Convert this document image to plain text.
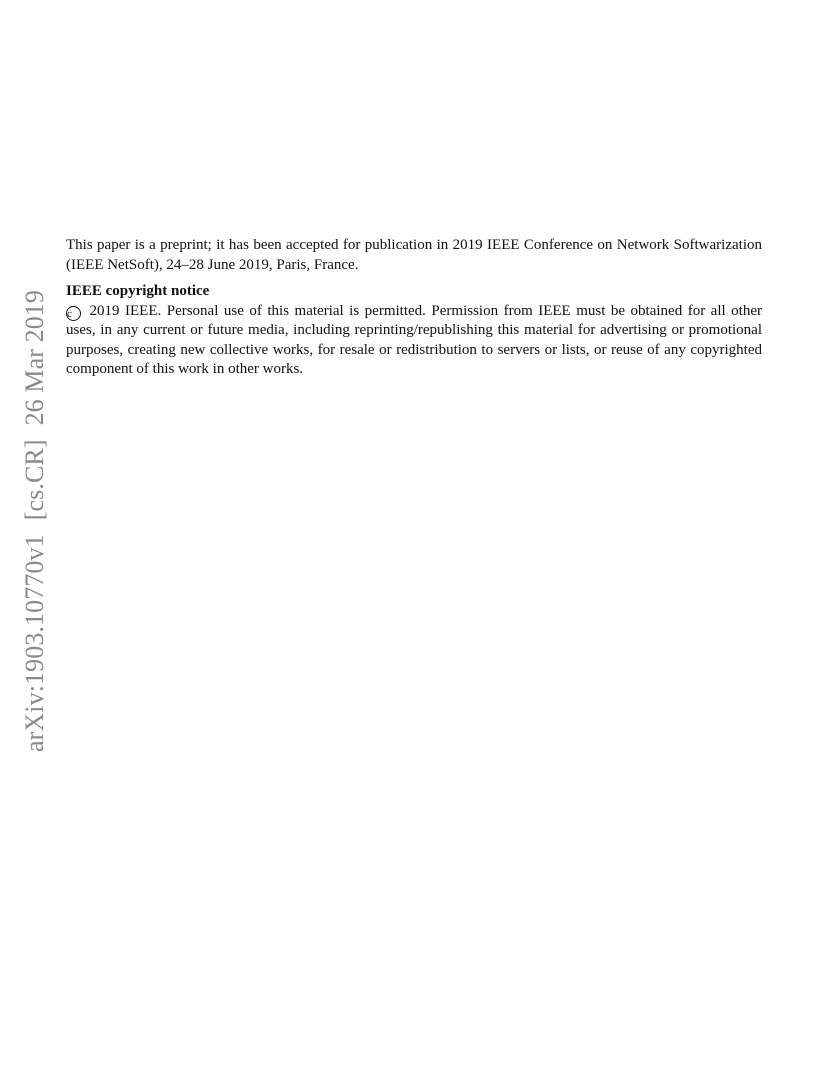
arXiv:1903.10770v1[cs.CR]26 Mar 2019

This paper is a preprint; it has been accepted for publication in 2019 IEEE Conference on Network Softwarization (IEEE NetSoft), 24–28 June 2019, Paris, France.

IEEE copyright notice

c 2019 IEEE. Personal use of this material is permitted. Permission from IEEE must be obtained for all other uses, in any current or future media, including reprinting/republishing this material for advertising or promotional purposes, creating new collective works, for resale or redistribution to servers or lists, or reuse of any copyrighted component of this work in other works.
